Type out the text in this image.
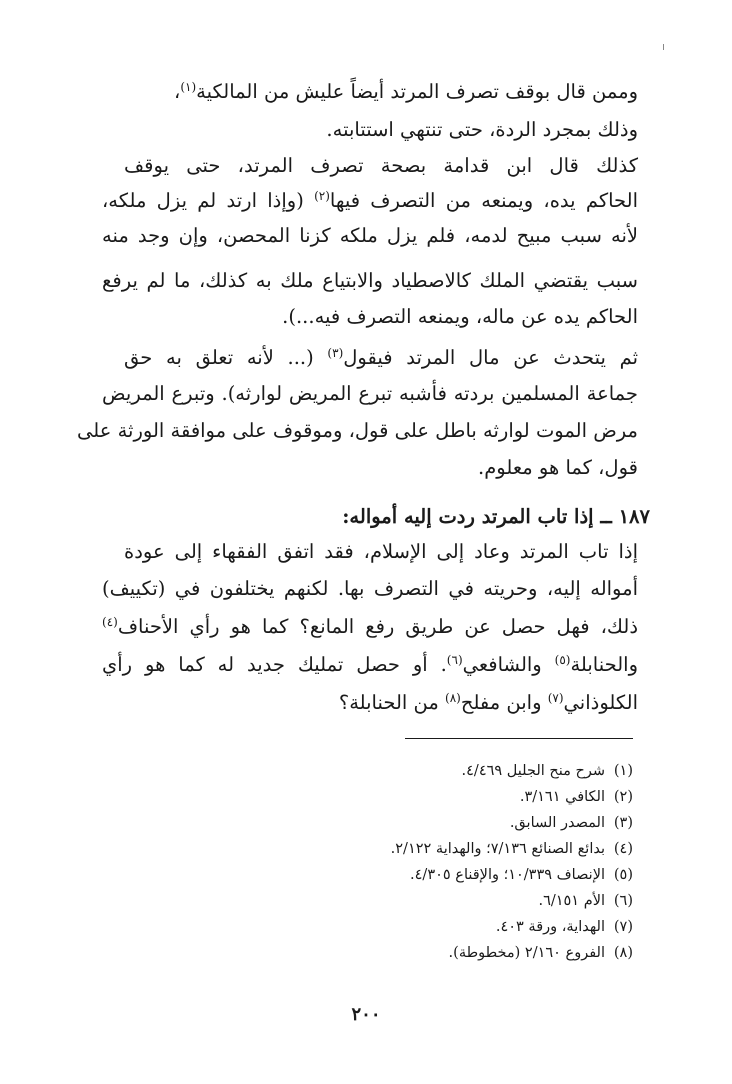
وممن قال بوقف تصرف المرتد أيضاً عليش من المالكية$^{(١)}$،
وذلك بمجرد الردة، حتى تنتهي استتابته.
كذلك قال ابن قدامة بصحة تصرف المرتد، حتى يوقف
الحاكم يده، ويمنعه من التصرف فيها$^{(٢)}$ (وإذا ارتد لم يزل ملكه،
لأنه سبب مبيح لدمه، فلم يزل ملكه كزنا المحصن، وإن وجد منه
سبب يقتضي الملك كالاصطياد والابتياع ملك به كذلك، ما لم يرفع
الحاكم يده عن ماله، ويمنعه التصرف فيه...).
ثم يتحدث عن مال المرتد فيقول$^{(٣)}$ (... لأنه تعلق به حق
جماعة المسلمين بردته فأشبه تبرع المريض لوارثه). وتبرع المريض
مرض الموت لوارثه باطل على قول، وموقوف على موافقة الورثة على
قول، كما هو معلوم.
١٨٧ ــ إذا تاب المرتد ردت إليه أمواله:
إذا تاب المرتد وعاد إلى الإسلام، فقد اتفق الفقهاء إلى عودة
أمواله إليه، وحريته في التصرف بها. لكنهم يختلفون في (تكييف)
ذلك، فهل حصل عن طريق رفع المانع؟ كما هو رأي الأحناف$^{(٤)}$
والحنابلة$^{(٥)}$ والشافعي$^{(٦)}$. أو حصل تمليك جديد له كما هو رأي
الكلوذاني$^{(٧)}$ وابن مفلح$^{(٨)}$ من الحنابلة؟
(١)شرح منح الجليل ٤/٤٦٩.
(٢)الكافي ٣/١٦١.
(٣)المصدر السابق.
(٤)بدائع الصنائع ٧/١٣٦؛ والهداية ٢/١٢٢.
(٥)الإنصاف ١٠/٣٣٩؛ والإقناع ٤/٣٠٥.
(٦)الأم ٦/١٥١.
(٧)الهداية، ورقة ٤٠٣.
(٨)الفروع ٢/١٦٠ (مخطوطة).
٢٠٠
